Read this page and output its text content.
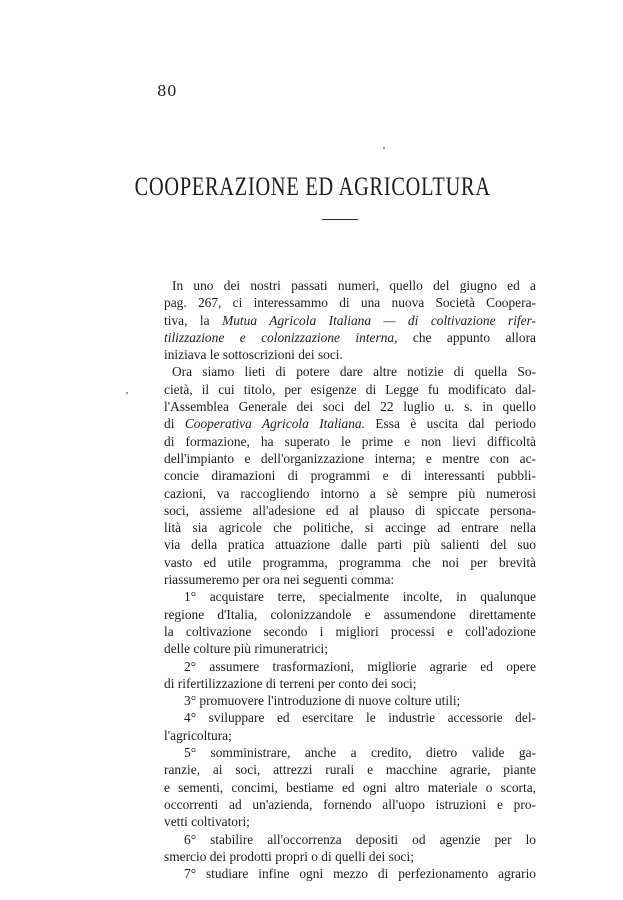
80
COOPERAZIONE ED AGRICOLTURA
In uno dei nostri passati numeri, quello del giugno ed a
pag. 267, ci interessammo di una nuova Società Coopera-
tiva, la Mutua Agricola Italiana — di coltivazione rifer-
tilizzazione e colonizzazione interna, che appunto allora
iniziava le sottoscrizioni dei soci.
Ora siamo lieti di potere dare altre notizie di quella So-
cietà, il cui titolo, per esigenze di Legge fu modificato dal-
l'Assemblea Generale dei soci del 22 luglio u. s. in quello
di Cooperativa Agricola Italiana. Essa è uscita dal periodo
di formazione, ha superato le prime e non lievi difficoltà
dell'impianto e dell'organizzazione interna; e mentre con ac-
concie diramazioni di programmi e di interessanti pubbli-
cazioni, va raccogliendo intorno a sè sempre più numerosi
soci, assieme all'adesione ed al plauso di spiccate persona-
lità sia agricole che politiche, si accinge ad entrare nella
via della pratica attuazione dalle parti più salienti del suo
vasto ed utile programma, programma che noi per brevità
riassumeremo per ora nei seguenti comma:
1° acquistare terre, specialmente incolte, in qualunque
regione d'Italia, colonizzandole e assumendone direttamente
la coltivazione secondo i migliori processi e coll'adozione
delle colture più rimuneratrici;
2° assumere trasformazioni, migliorie agrarie ed opere
di rifertilizzazione di terreni per conto dei soci;
3° promuovere l'introduzione di nuove colture utili;
4° sviluppare ed esercitare le industrie accessorie del-
l'agricoltura;
5° somministrare, anche a credito, dietro valide ga-
ranzie, ai soci, attrezzi rurali e macchine agrarie, piante
e sementi, concimi, bestiame ed ogni altro materiale o scorta,
occorrenti ad un'azienda, fornendo all'uopo istruzioni e pro-
vetti coltivatori;
6° stabilire all'occorrenza depositi od agenzie per lo
smercio dei prodotti propri o di quelli dei soci;
7° studiare infine ogni mezzo di perfezionamento agrario
